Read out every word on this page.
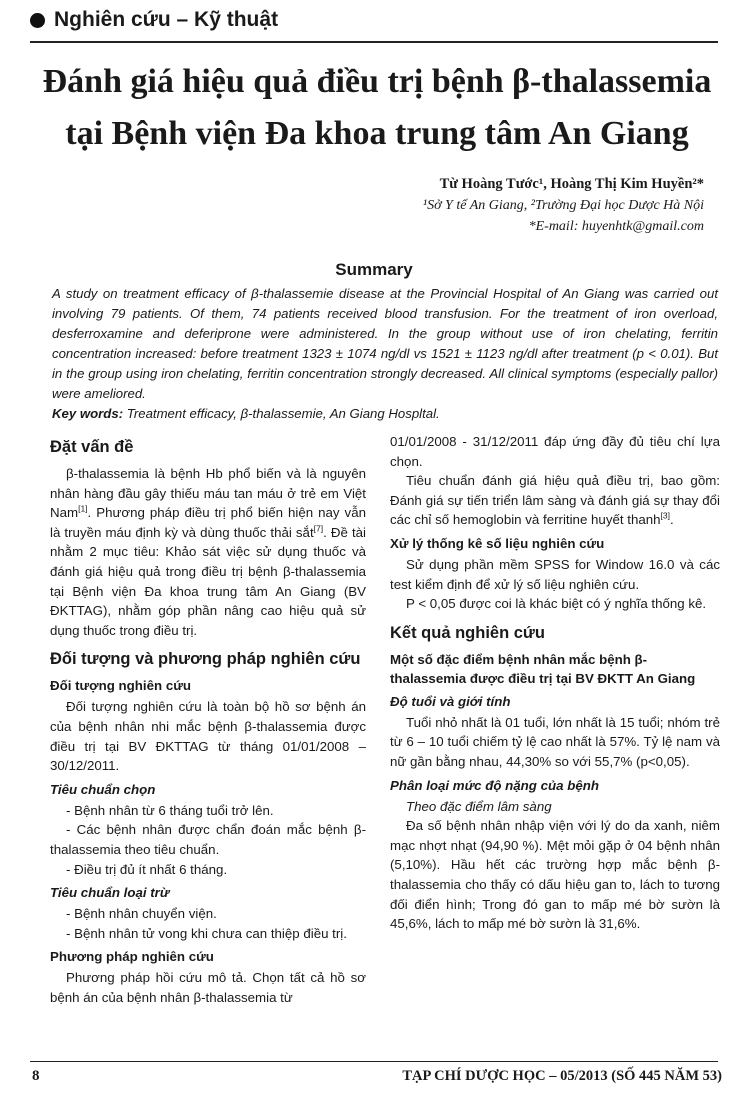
Nghiên cứu – Kỹ thuật
Đánh giá hiệu quả điều trị bệnh β-thalassemia
tại Bệnh viện Đa khoa trung tâm An Giang
Từ Hoàng Tước¹, Hoàng Thị Kim Huyền²*
¹Sở Y tế An Giang, ²Trường Đại học Dược Hà Nội
*E-mail: huyenhtk@gmail.com
Summary

A study on treatment efficacy of β-thalassemie disease at the Provincial Hospital of An Giang was carried out involving 79 patients. Of them, 74 patients received blood transfusion. For the treatment of iron overload, desferroxamine and deferiprone were administered. In the group without use of iron chelating, ferritin concentration increased: before treatment 1323 ± 1074 ng/dl vs 1521 ± 1123 ng/dl after treatment (p < 0.01). But in the group using iron chelating, ferritin concentration strongly decreased. All clinical symptoms (especially pallor) were ameliored.

Key words: Treatment efficacy, β-thalassemie, An Giang Hospltal.

Đặt vấn đề

β-thalassemia là bệnh Hb phổ biến và là nguyên nhân hàng đầu gây thiếu máu tan máu ở trẻ em Việt Nam[1]. Phương pháp điều trị phổ biến hiện nay vẫn là truyền máu định kỳ và dùng thuốc thải sắt[7]. Đề tài nhằm 2 mục tiêu: Khảo sát việc sử dụng thuốc và đánh giá hiệu quả trong điều trị bệnh β-thalassemia tại Bệnh viện Đa khoa trung tâm An Giang (BV ĐKTTAG), nhằm góp phần nâng cao hiệu quả sử dụng thuốc trong điều trị.

Đối tượng và phương pháp nghiên cứu
Đối tượng nghiên cứu

Đối tượng nghiên cứu là toàn bộ hồ sơ bệnh án của bệnh nhân nhi mắc bệnh β-thalassemia được điều trị tại BV ĐKTTAG từ tháng 01/01/2008 – 30/12/2011.

Tiêu chuẩn chọn

- Bệnh nhân từ 6 tháng tuổi trở lên.

- Các bệnh nhân được chẩn đoán mắc bệnh β-thalassemia theo tiêu chuẩn.

- Điều trị đủ ít nhất 6 tháng.

Tiêu chuẩn loại trừ

- Bệnh nhân chuyển viện.

- Bệnh nhân tử vong khi chưa can thiệp điều trị.

Phương pháp nghiên cứu

Phương pháp hồi cứu mô tả. Chọn tất cả hồ sơ bệnh án của bệnh nhân β-thalassemia từ

01/01/2008 - 31/12/2011 đáp ứng đầy đủ tiêu chí lựa chọn.

Tiêu chuẩn đánh giá hiệu quả điều trị, bao gồm: Đánh giá sự tiến triển lâm sàng và đánh giá sự thay đổi các chỉ số hemoglobin và ferritine huyết thanh[3].

Xử lý thống kê số liệu nghiên cứu

Sử dụng phần mềm SPSS for Window 16.0 và các test kiểm định để xử lý số liệu nghiên cứu.

P < 0,05 được coi là khác biệt có ý nghĩa thống kê.

Kết quả nghiên cứu
Một số đặc điểm bệnh nhân mắc bệnh β-thalassemia được điều trị tại BV ĐKTT An Giang
Độ tuổi và giới tính

Tuổi nhỏ nhất là 01 tuổi, lớn nhất là 15 tuổi; nhóm trẻ từ 6 – 10 tuổi chiếm tỷ lệ cao nhất là 57%. Tỷ lệ nam và nữ gần bằng nhau, 44,30% so với 55,7% (p<0,05).

Phân loại mức độ nặng của bệnh

Theo đặc điểm lâm sàng

Đa số bệnh nhân nhập viện với lý do da xanh, niêm mạc nhợt nhạt (94,90 %). Mệt mỏi gặp ở 04 bệnh nhân (5,10%). Hầu hết các trường hợp mắc bệnh β-thalassemia cho thấy có dấu hiệu gan to, lách to tương đối điển hình; Trong đó gan to mấp mé bờ sườn là 45,6%, lách to mấp mé bờ sườn là 31,6%.

8	TẠP CHÍ DƯỢC HỌC – 05/2013 (SỐ 445 NĂM 53)
